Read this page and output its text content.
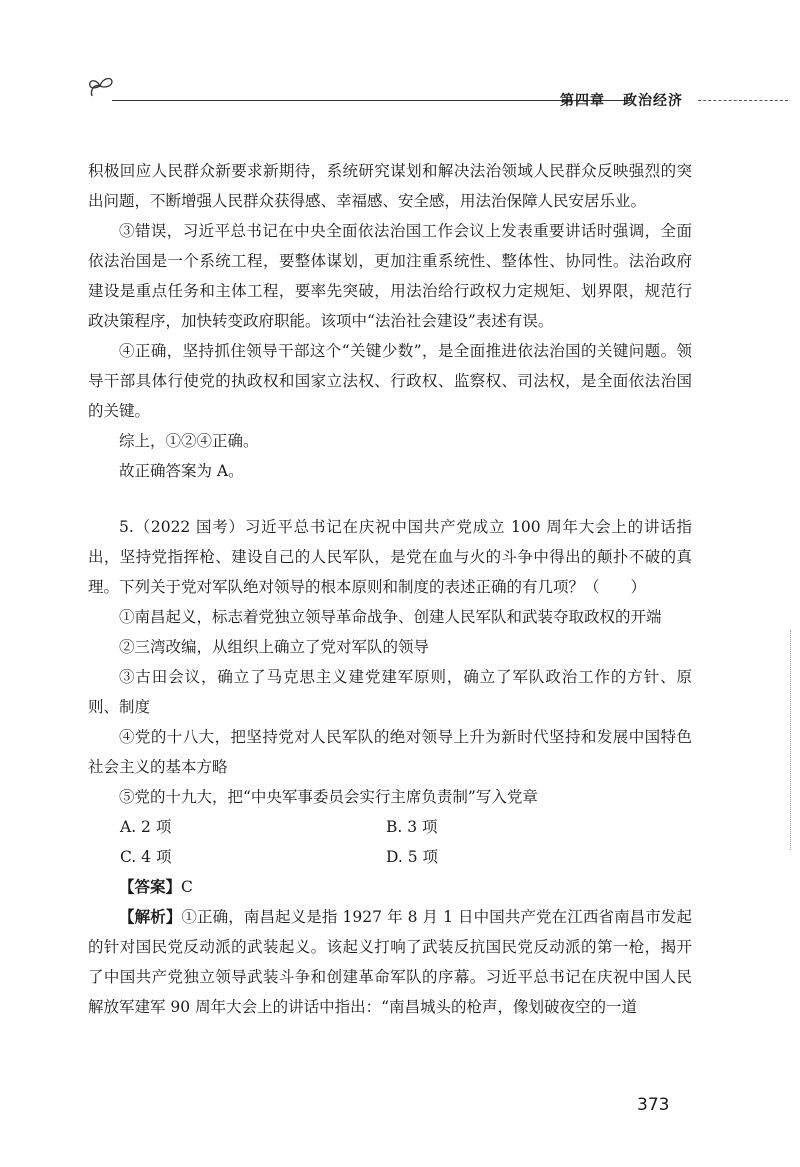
第四章 政治经济

积极回应人民群众新要求新期待，系统研究谋划和解决法治领域人民群众反映强烈的突出问题，不断增强人民群众获得感、幸福感、安全感，用法治保障人民安居乐业。

③错误，习近平总书记在中央全面依法治国工作会议上发表重要讲话时强调，全面依法治国是一个系统工程，要整体谋划，更加注重系统性、整体性、协同性。法治政府建设是重点任务和主体工程，要率先突破，用法治给行政权力定规矩、划界限，规范行政决策程序，加快转变政府职能。该项中“法治社会建设”表述有误。

④正确，坚持抓住领导干部这个“关键少数”，是全面推进依法治国的关键问题。领导干部具体行使党的执政权和国家立法权、行政权、监察权、司法权，是全面依法治国的关键。

综上，①②④正确。

故正确答案为 A。

5.（2022 国考）习近平总书记在庆祝中国共产党成立 100 周年大会上的讲话指出，坚持党指挥枪、建设自己的人民军队，是党在血与火的斗争中得出的颠扑不破的真理。下列关于党对军队绝对领导的根本原则和制度的表述正确的有几项？（　　）

①南昌起义，标志着党独立领导革命战争、创建人民军队和武装夺取政权的开端

②三湾改编，从组织上确立了党对军队的领导

③古田会议，确立了马克思主义建党建军原则，确立了军队政治工作的方针、原则、制度

④党的十八大，把坚持党对人民军队的绝对领导上升为新时代坚持和发展中国特色社会主义的基本方略

⑤党的十九大，把“中央军事委员会实行主席负责制”写入党章

A. 2 项	B. 3 项

C. 4 项	D. 5 项

【答案】C

【解析】①正确，南昌起义是指 1927 年 8 月 1 日中国共产党在江西省南昌市发起的针对国民党反动派的武装起义。该起义打响了武装反抗国民党反动派的第一枪，揭开了中国共产党独立领导武装斗争和创建革命军队的序幕。习近平总书记在庆祝中国人民解放军建军 90 周年大会上的讲话中指出：“南昌城头的枪声，像划破夜空的一道

373
